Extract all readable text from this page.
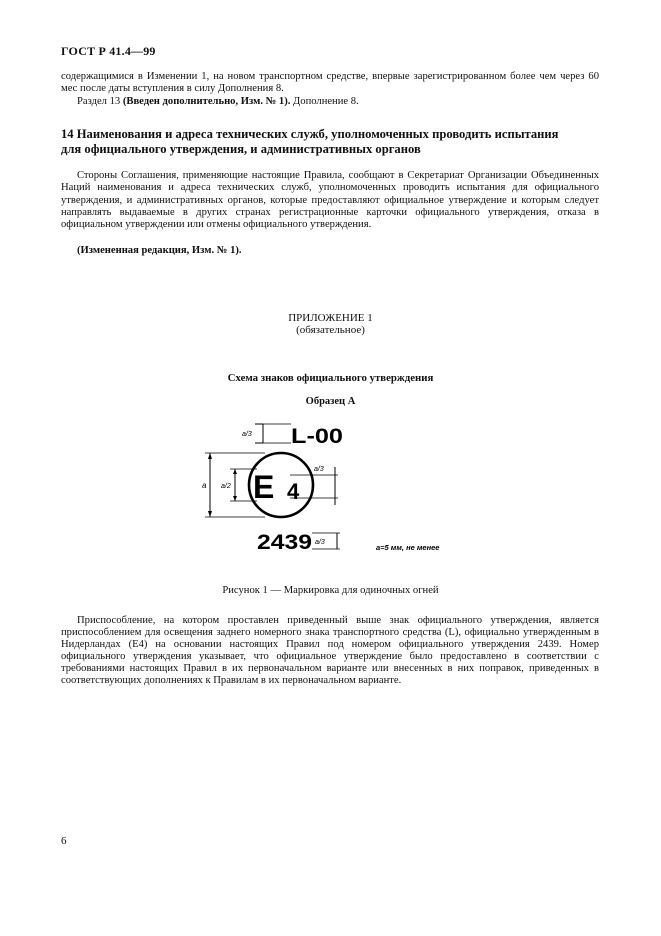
ГОСТ Р 41.4—99
содержащимися в Изменении 1, на новом транспортном средстве, впервые зарегистрированном более чем через 60 мес после даты вступления в силу Дополнения 8.
Раздел 13 (Введен дополнительно, Изм. № 1). Дополнение 8.
14 Наименования и адреса технических служб, уполномоченных проводить испытания для официального утверждения, и административных органов
Стороны Соглашения, применяющие настоящие Правила, сообщают в Секретариат Организации Объединенных Наций наименования и адреса технических служб, уполномоченных проводить испытания для официального утверждения, и административных органов, которые предоставляют официальное утверждение и которым следует направлять выдаваемые в других странах регистрационные карточки официального утверждения, отказа в официальном утверждении или отмены официального утверждения.
(Измененная редакция, Изм. № 1).
ПРИЛОЖЕНИЕ 1
(обязательное)
Схема знаков официального утверждения
Образец А
a/3 L-00
a a/2 E 4
a/3
2439 a/3
a=5 мм, не менее
Рисунок 1 — Маркировка для одиночных огней
Приспособление, на котором проставлен приведенный выше знак официального утверждения, является приспособлением для освещения заднего номерного знака транспортного средства (L), официально утвержденным в Нидерландах (E4) на основании настоящих Правил под номером официального утверждения 2439. Номер официального утверждения указывает, что официальное утверждение было предоставлено в соответствии с требованиями настоящих Правил в их первоначальном варианте или внесенных в них поправок, приведенных в соответствующих дополнениях к Правилам в их первоначальном варианте.
6
